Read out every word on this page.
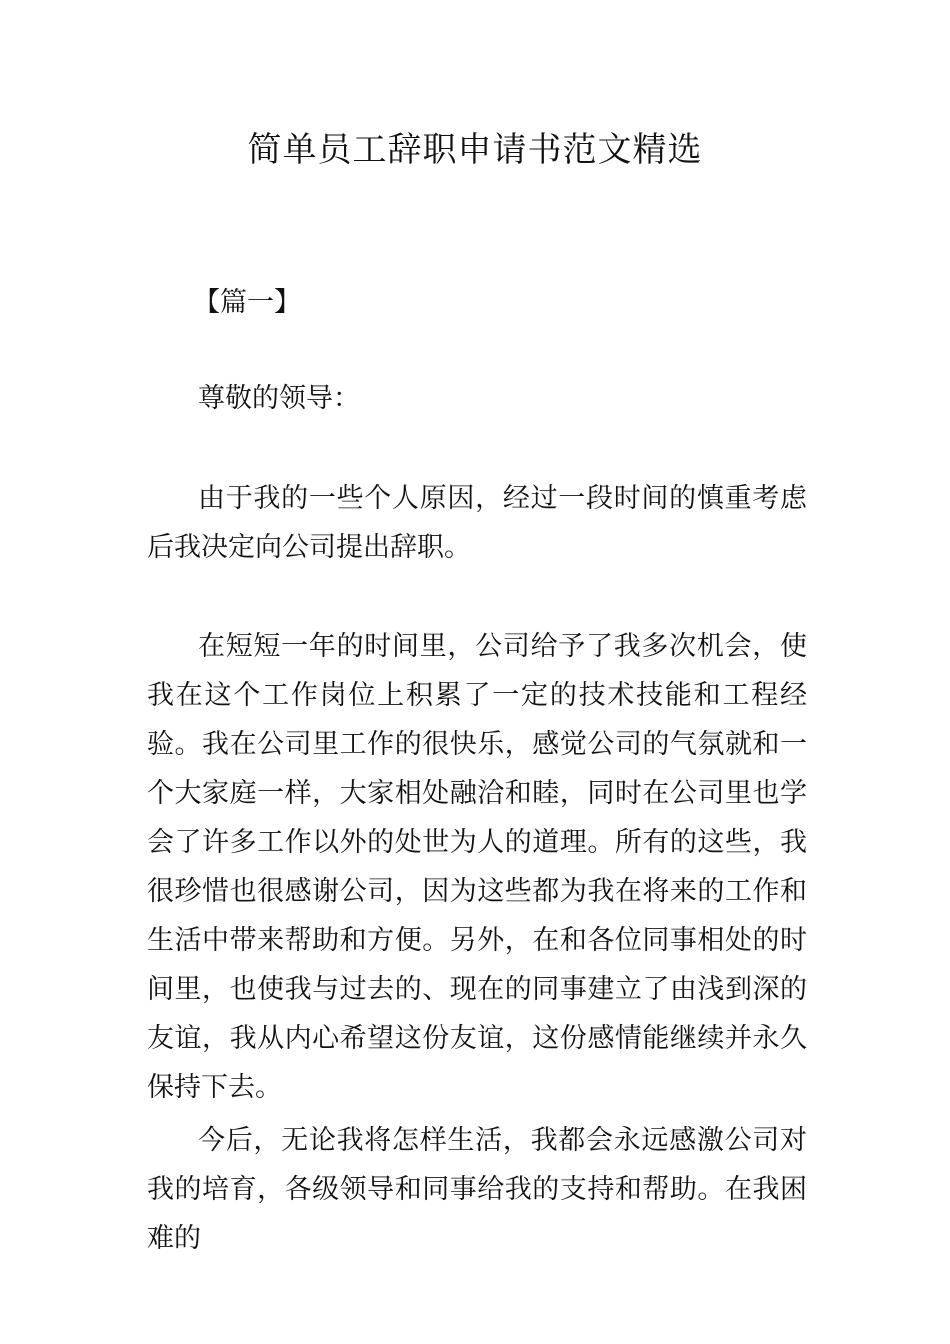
简单员工辞职申请书范文精选
【篇一】
尊敬的领导：

由于我的一些个人原因，经过一段时间的慎重考虑后我决定向公司提出辞职。

在短短一年的时间里，公司给予了我多次机会，使我在这个工作岗位上积累了一定的技术技能和工程经验。我在公司里工作的很快乐，感觉公司的气氛就和一个大家庭一样，大家相处融洽和睦，同时在公司里也学会了许多工作以外的处世为人的道理。所有的这些，我很珍惜也很感谢公司，因为这些都为我在将来的工作和生活中带来帮助和方便。另外，在和各位同事相处的时间里，也使我与过去的、现在的同事建立了由浅到深的友谊，我从内心希望这份友谊，这份感情能继续并永久保持下去。

今后，无论我将怎样生活，我都会永远感激公司对我的培育，各级领导和同事给我的支持和帮助。在我困难的
